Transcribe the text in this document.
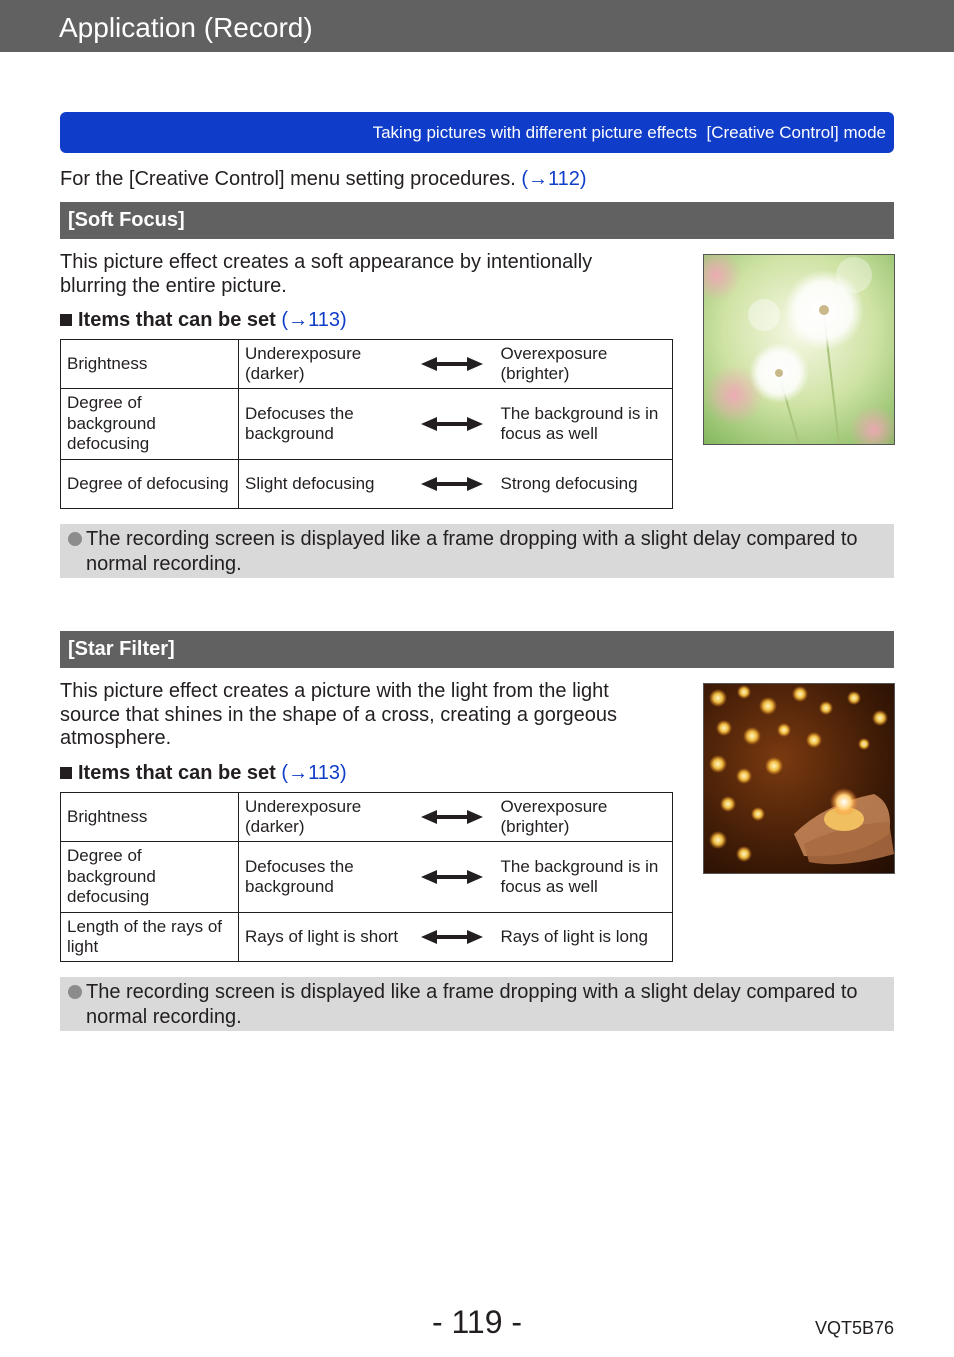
Application (Record)
Taking pictures with different picture effects  [Creative Control] mode
For the [Creative Control] menu setting procedures. (→112)
[Soft Focus]
This picture effect creates a soft appearance by intentionally blurring the entire picture.
Items that can be set (→113)
Brightness	Underexposure (darker)		Overexposure (brighter)
Degree of background defocusing	Defocuses the background		The background is in focus as well
Degree of defocusing	Slight defocusing		Strong defocusing
The recording screen is displayed like a frame dropping with a slight delay compared to normal recording.
[Star Filter]
This picture effect creates a picture with the light from the light source that shines in the shape of a cross, creating a gorgeous atmosphere.
Items that can be set (→113)
Brightness	Underexposure (darker)		Overexposure (brighter)
Degree of background defocusing	Defocuses the background		The background is in focus as well
Length of the rays of light	Rays of light is short		Rays of light is long
The recording screen is displayed like a frame dropping with a slight delay compared to normal recording.
- 119 -	VQT5B76
